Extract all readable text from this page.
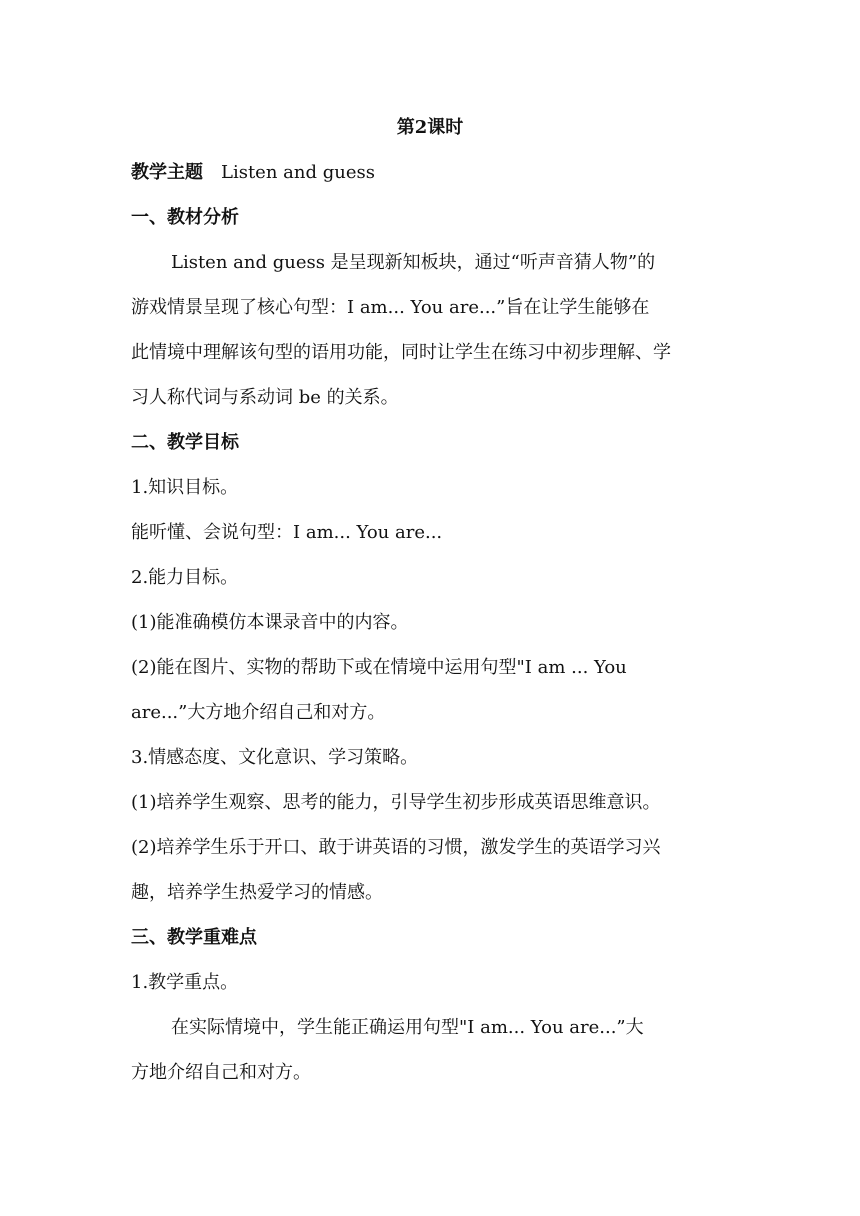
第2课时
教学主题 Listen and guess
一、教材分析
Listen and guess 是呈现新知板块，通过“听声音猜人物”的
游戏情景呈现了核心句型：I am... You are...”旨在让学生能够在
此情境中理解该句型的语用功能，同时让学生在练习中初步理解、学
习人称代词与系动词 be 的关系。
二、教学目标
1.知识目标。
能听懂、会说句型：I am... You are...
2.能力目标。
(1)能准确模仿本课录音中的内容。
(2)能在图片、实物的帮助下或在情境中运用句型"I am ... You
are...”大方地介绍自己和对方。
3.情感态度、文化意识、学习策略。
(1)培养学生观察、思考的能力，引导学生初步形成英语思维意识。
(2)培养学生乐于开口、敢于讲英语的习惯，激发学生的英语学习兴
趣，培养学生热爱学习的情感。
三、教学重难点
1.教学重点。
在实际情境中，学生能正确运用句型"I am... You are...”大
方地介绍自己和对方。
